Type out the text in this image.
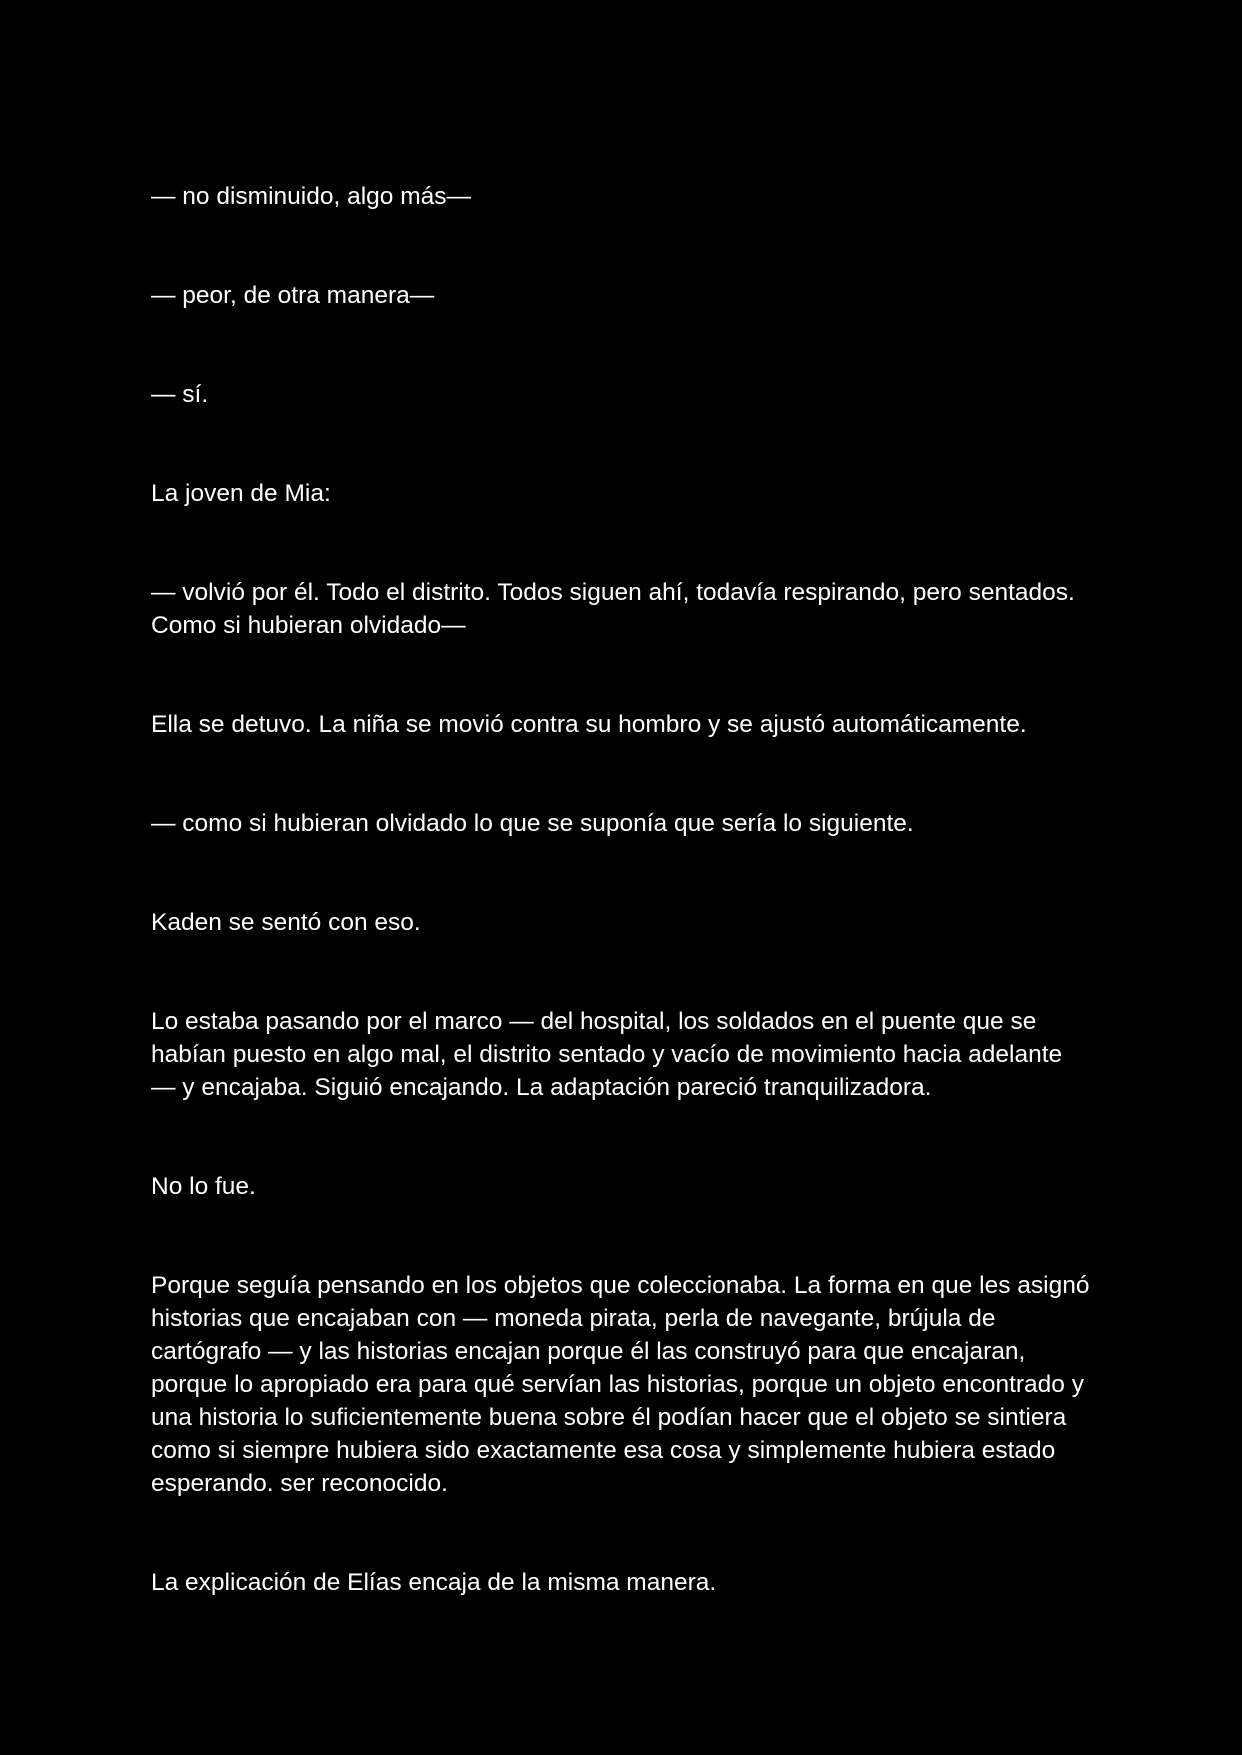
— no disminuido, algo más—

— peor, de otra manera—

— sí.

La joven de Mia:

— volvió por él. Todo el distrito. Todos siguen ahí, todavía respirando, pero sentados. Como si hubieran olvidado—

Ella se detuvo. La niña se movió contra su hombro y se ajustó automáticamente.

— como si hubieran olvidado lo que se suponía que sería lo siguiente.

Kaden se sentó con eso.

Lo estaba pasando por el marco — del hospital, los soldados en el puente que se habían puesto en algo mal, el distrito sentado y vacío de movimiento hacia adelante — y encajaba. Siguió encajando. La adaptación pareció tranquilizadora.

No lo fue.

Porque seguía pensando en los objetos que coleccionaba. La forma en que les asignó historias que encajaban con — moneda pirata, perla de navegante, brújula de cartógrafo — y las historias encajan porque él las construyó para que encajaran, porque lo apropiado era para qué servían las historias, porque un objeto encontrado y una historia lo suficientemente buena sobre él podían hacer que el objeto se sintiera como si siempre hubiera sido exactamente esa cosa y simplemente hubiera estado esperando. ser reconocido.

La explicación de Elías encaja de la misma manera.
